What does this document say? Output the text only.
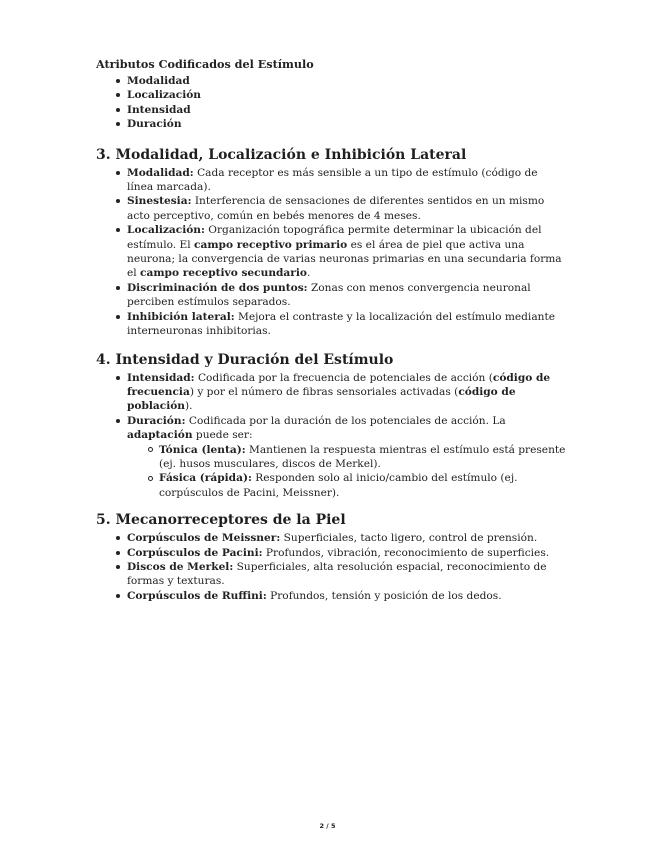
Atributos Codificados del Estímulo
Modalidad
Localización
Intensidad
Duración
3. Modalidad, Localización e Inhibición Lateral
Modalidad: Cada receptor es más sensible a un tipo de estímulo (código de línea marcada).
Sinestesia: Interferencia de sensaciones de diferentes sentidos en un mismo acto perceptivo, común en bebés menores de 4 meses.
Localización: Organización topográfica permite determinar la ubicación del estímulo. El campo receptivo primario es el área de piel que activa una neurona; la convergencia de varias neuronas primarias en una secundaria forma el campo receptivo secundario.
Discriminación de dos puntos: Zonas con menos convergencia neuronal perciben estímulos separados.
Inhibición lateral: Mejora el contraste y la localización del estímulo mediante interneuronas inhibitorias.
4. Intensidad y Duración del Estímulo
Intensidad: Codificada por la frecuencia de potenciales de acción (código de frecuencia) y por el número de fibras sensoriales activadas (código de población).
Duración: Codificada por la duración de los potenciales de acción. La adaptación puede ser:
Tónica (lenta): Mantienen la respuesta mientras el estímulo está presente (ej. husos musculares, discos de Merkel).
Fásica (rápida): Responden solo al inicio/cambio del estímulo (ej. corpúsculos de Pacini, Meissner).
5. Mecanorreceptores de la Piel
Corpúsculos de Meissner: Superficiales, tacto ligero, control de prensión.
Corpúsculos de Pacini: Profundos, vibración, reconocimiento de superficies.
Discos de Merkel: Superficiales, alta resolución espacial, reconocimiento de formas y texturas.
Corpúsculos de Ruffini: Profundos, tensión y posición de los dedos.
2 / 5
